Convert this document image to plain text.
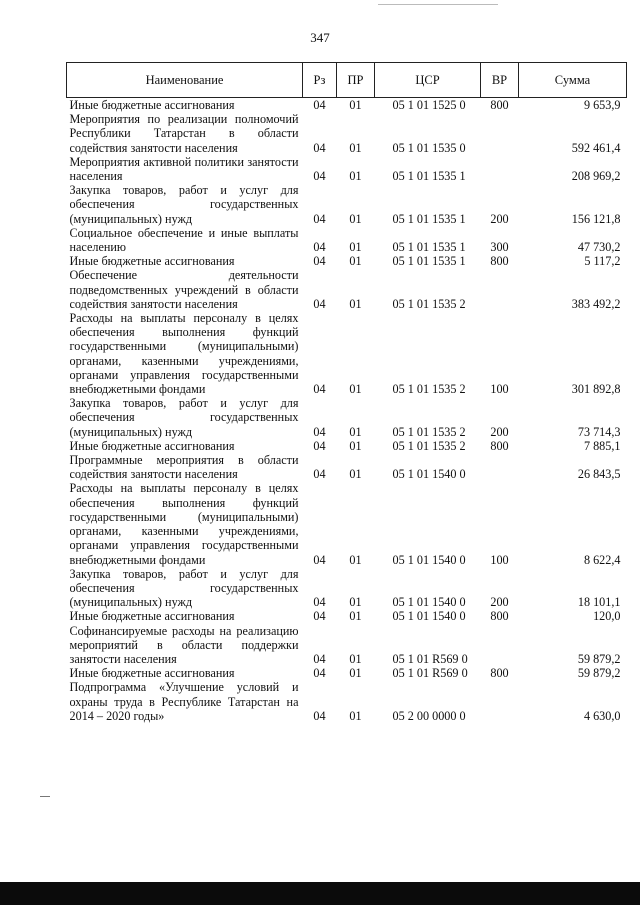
347
Наименование	Рз	ПР	ЦСР	ВР	Сумма
Иные бюджетные ассигнования	04	01	05 1 01 1525 0	800	9 653,9
Мероприятия по реализации полномочий Республики Татарстан в области содействия занятости населения	04	01	05 1 01 1535 0		592 461,4
Мероприятия активной политики занятости населения	04	01	05 1 01 1535 1		208 969,2
Закупка товаров, работ и услуг для обеспечения государственных (муниципальных) нужд	04	01	05 1 01 1535 1	200	156 121,8
Социальное обеспечение и иные выплаты населению	04	01	05 1 01 1535 1	300	47 730,2
Иные бюджетные ассигнования	04	01	05 1 01 1535 1	800	5 117,2
Обеспечение деятельности подведомственных учреждений в области содействия занятости населения	04	01	05 1 01 1535 2		383 492,2
Расходы на выплаты персоналу в целях обеспечения выполнения функций государственными (муниципальными) органами, казенными учреждениями, органами управления государственными внебюджетными фондами	04	01	05 1 01 1535 2	100	301 892,8
Закупка товаров, работ и услуг для обеспечения государственных (муниципальных) нужд	04	01	05 1 01 1535 2	200	73 714,3
Иные бюджетные ассигнования	04	01	05 1 01 1535 2	800	7 885,1
Программные мероприятия в области содействия занятости населения	04	01	05 1 01 1540 0		26 843,5
Расходы на выплаты персоналу в целях обеспечения выполнения функций государственными (муниципальными) органами, казенными учреждениями, органами управления государственными внебюджетными фондами	04	01	05 1 01 1540 0	100	8 622,4
Закупка товаров, работ и услуг для обеспечения государственных (муниципальных) нужд	04	01	05 1 01 1540 0	200	18 101,1
Иные бюджетные ассигнования	04	01	05 1 01 1540 0	800	120,0
Софинансируемые расходы на реализацию мероприятий в области поддержки занятости населения	04	01	05 1 01 R569 0		59 879,2
Иные бюджетные ассигнования	04	01	05 1 01 R569 0	800	59 879,2
Подпрограмма «Улучшение условий и охраны труда в Республике Татарстан на 2014 – 2020 годы»	04	01	05 2 00 0000 0		4 630,0
